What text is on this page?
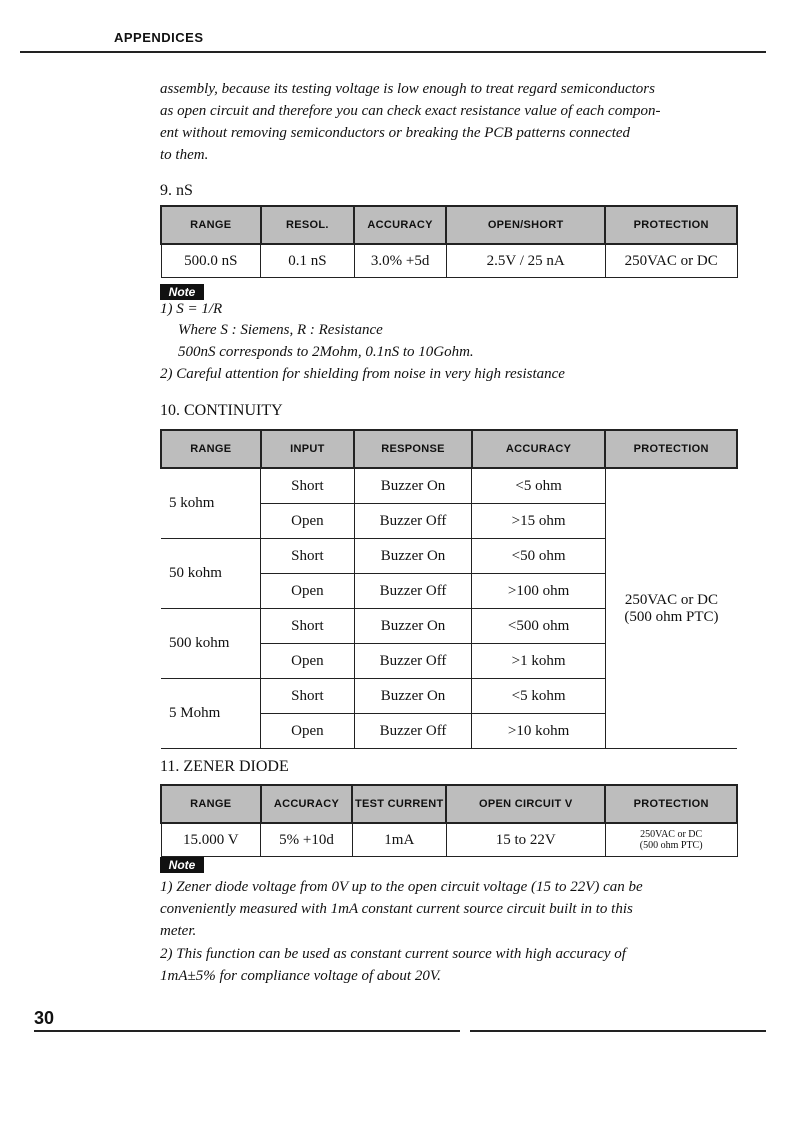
APPENDICES
assembly, because its testing voltage is low enough to treat regard semiconductors
as open circuit and therefore you can check exact resistance value of each compon-
ent without removing semiconductors or breaking the PCB patterns connected
to them.
9. nS
RANGE	RESOL.	ACCURACY	OPEN/SHORT	PROTECTION
500.0 nS	0.1 nS	3.0% +5d	2.5V / 25 nA	250VAC or DC
Note
1) S = 1/R
Where S : Siemens, R : Resistance
500nS corresponds to 2Mohm, 0.1nS to 10Gohm.
2) Careful attention for shielding from noise in very high resistance
10. CONTINUITY
RANGE	INPUT	RESPONSE	ACCURACY	PROTECTION
5 kohm	Short	Buzzer On	<5 ohm	250VAC or DC
(500 ohm PTC)

	Open	Buzzer Off	>15 ohm	
50 kohm	Short	Buzzer On	<50 ohm	
	Open	Buzzer Off	>100 ohm	
500 kohm	Short	Buzzer On	<500 ohm	
	Open	Buzzer Off	>1 kohm	
5 Mohm	Short	Buzzer On	<5 kohm	
	Open	Buzzer Off	>10 kohm	
11. ZENER DIODE
RANGE	ACCURACY	TEST CURRENT	OPEN CIRCUIT V	PROTECTION
15.000 V	5% +10d	1mA	15 to 22V	250VAC or DC
(500 ohm PTC)
Note
1) Zener diode voltage from 0V up to the open circuit voltage (15 to 22V) can be
conveniently measured with 1mA constant current source circuit built in to this
meter.
2) This function can be used as constant current source with high accuracy of
1mA±5% for compliance voltage of about 20V.
30
